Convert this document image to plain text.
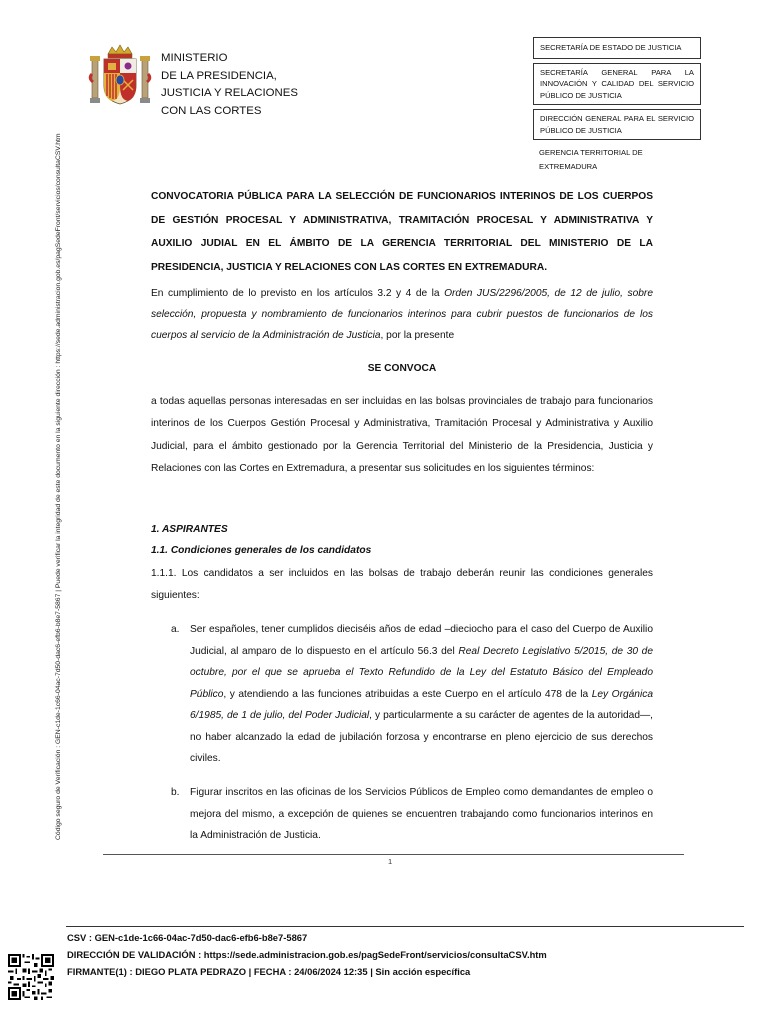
Código seguro de Verificación : GEN-c1de-1c66-04ac-7d50-dac6-efb6-b8e7-5867 | Puede verificar la integridad de este documento en la siguiente dirección : https://sede.administracion.gob.es/pagSedeFront/servicios/consultaCSV.htm
MINISTERIO
DE LA PRESIDENCIA,
JUSTICIA Y RELACIONES
CON LAS CORTES
SECRETARÍA DE ESTADO DE JUSTICIA
SECRETARÍA GENERAL PARA LA INNOVACIÓN Y CALIDAD DEL SERVICIO PÚBLICO DE JUSTICIA
DIRECCIÓN GENERAL PARA EL SERVICIO PÚBLICO DE JUSTICIA
GERENCIA TERRITORIAL DE EXTREMADURA
CONVOCATORIA PÚBLICA PARA LA SELECCIÓN DE FUNCIONARIOS INTERINOS DE LOS CUERPOS DE GESTIÓN PROCESAL Y ADMINISTRATIVA, TRAMITACIÓN PROCESAL Y ADMINISTRATIVA Y AUXILIO JUDIAL EN EL ÁMBITO DE LA GERENCIA TERRITORIAL DEL MINISTERIO DE LA PRESIDENCIA, JUSTICIA Y RELACIONES CON LAS CORTES EN EXTREMADURA.
En cumplimiento de lo previsto en los artículos 3.2 y 4 de la Orden JUS/2296/2005, de 12 de julio, sobre selección, propuesta y nombramiento de funcionarios interinos para cubrir puestos de funcionarios de los cuerpos al servicio de la Administración de Justicia, por la presente
SE CONVOCA
a todas aquellas personas interesadas en ser incluidas en las bolsas provinciales de trabajo para funcionarios interinos de los Cuerpos Gestión Procesal y Administrativa, Tramitación Procesal y Administrativa y Auxilio Judicial, para el ámbito gestionado por la Gerencia Territorial del Ministerio de la Presidencia, Justicia y Relaciones con las Cortes en Extremadura, a presentar sus solicitudes en los siguientes términos:
1. ASPIRANTES
1.1. Condiciones generales de los candidatos
1.1.1. Los candidatos a ser incluidos en las bolsas de trabajo deberán reunir las condiciones generales siguientes:
a. Ser españoles, tener cumplidos dieciséis años de edad –dieciocho para el caso del Cuerpo de Auxilio Judicial, al amparo de lo dispuesto en el artículo 56.3 del Real Decreto Legislativo 5/2015, de 30 de octubre, por el que se aprueba el Texto Refundido de la Ley del Estatuto Básico del Empleado Público, y atendiendo a las funciones atribuidas a este Cuerpo en el artículo 478 de la Ley Orgánica 6/1985, de 1 de julio, del Poder Judicial, y particularmente a su carácter de agentes de la autoridad—, no haber alcanzado la edad de jubilación forzosa y encontrarse en pleno ejercicio de sus derechos civiles.
b. Figurar inscritos en las oficinas de los Servicios Públicos de Empleo como demandantes de empleo o mejora del mismo, a excepción de quienes se encuentren trabajando como funcionarios interinos en la Administración de Justicia.
1
CSV : GEN-c1de-1c66-04ac-7d50-dac6-efb6-b8e7-5867
DIRECCIÓN DE VALIDACIÓN : https://sede.administracion.gob.es/pagSedeFront/servicios/consultaCSV.htm
FIRMANTE(1) : DIEGO PLATA PEDRAZO | FECHA : 24/06/2024 12:35 | Sin acción específica
